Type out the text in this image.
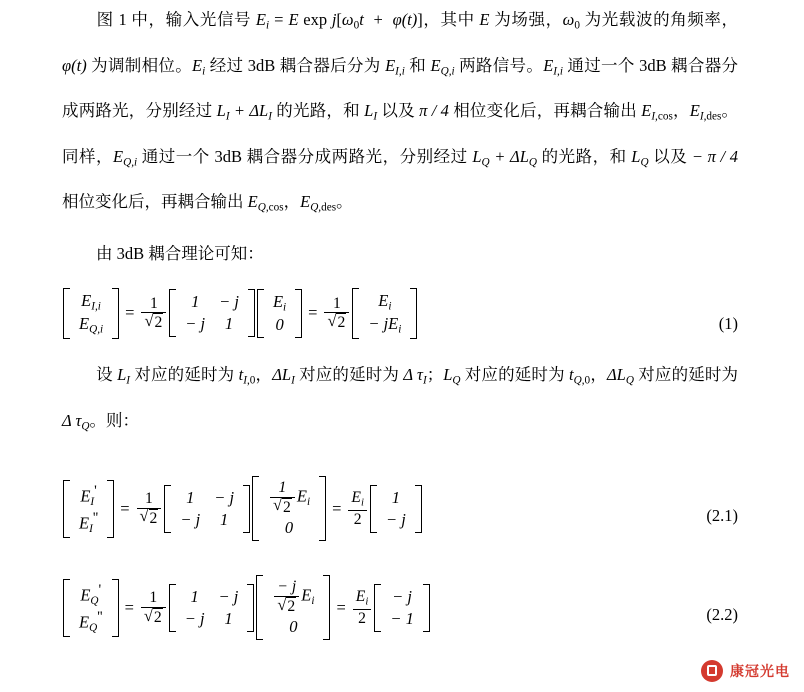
图 1 中，输入光信号 $E_i = E$ $\exp j[\omega_0t + \varphi(t)]$，其中 E 为场强，$\omega_0$ 为光载波的角频率，φ(t) 为调制相位。$E_i$ 经过 3dB 耦合器后分为 $E_{I,i}$ 和 $E_{Q,i}$ 两路信号。$E_{I,i}$ 通过一个 3dB 耦合器分成两路光，分别经过 $L_I + \Delta L_I$ 的光路，和 $L_I$ 以及 π / 4 相位变化后，再耦合输出 $E_{I,cos}$，$E_{I,des}$。同样，$E_{Q,i}$ 通过一个 3dB 耦合器分成两路光，分别经过 $L_Q + \Delta L_Q$ 的光路，和 $L_Q$ 以及 − π / 4 相位变化后，再耦合输出 $E_{Q,cos}$，$E_{Q,des}$。
由 3dB 耦合理论可知：
$E_{I,i}$
$E_{Q,i}$
= 1
√ 2 1	− j
− j	1
$E_i$
0
= 1
√ 2 $E_i$
− $jE_i$	(1)
设 $L_I$ 对应的延时为 $t_{I,0}$，$\Delta L_I$ 对应的延时为 Δ $\tau_I$；$L_Q$ 对应的延时为 $t_{Q,0}$，$\Delta L_Q$ 对应的延时为 Δ $\tau_Q$。则：
$E_I'$
$E_I''$	= 1
√ 2 1	− j
− j	1
1
√ 2 $E_i$
0
= $\frac{E_i}{2} 1$
− j	(2.1)
$E_Q'$
$E_Q''$	= 1
√ 2 1	− j
− j	1
− j
√ 2 $E_i$
0
= $\frac{E_i}{2} - j$
− 1	(2.2)
康冠光电
